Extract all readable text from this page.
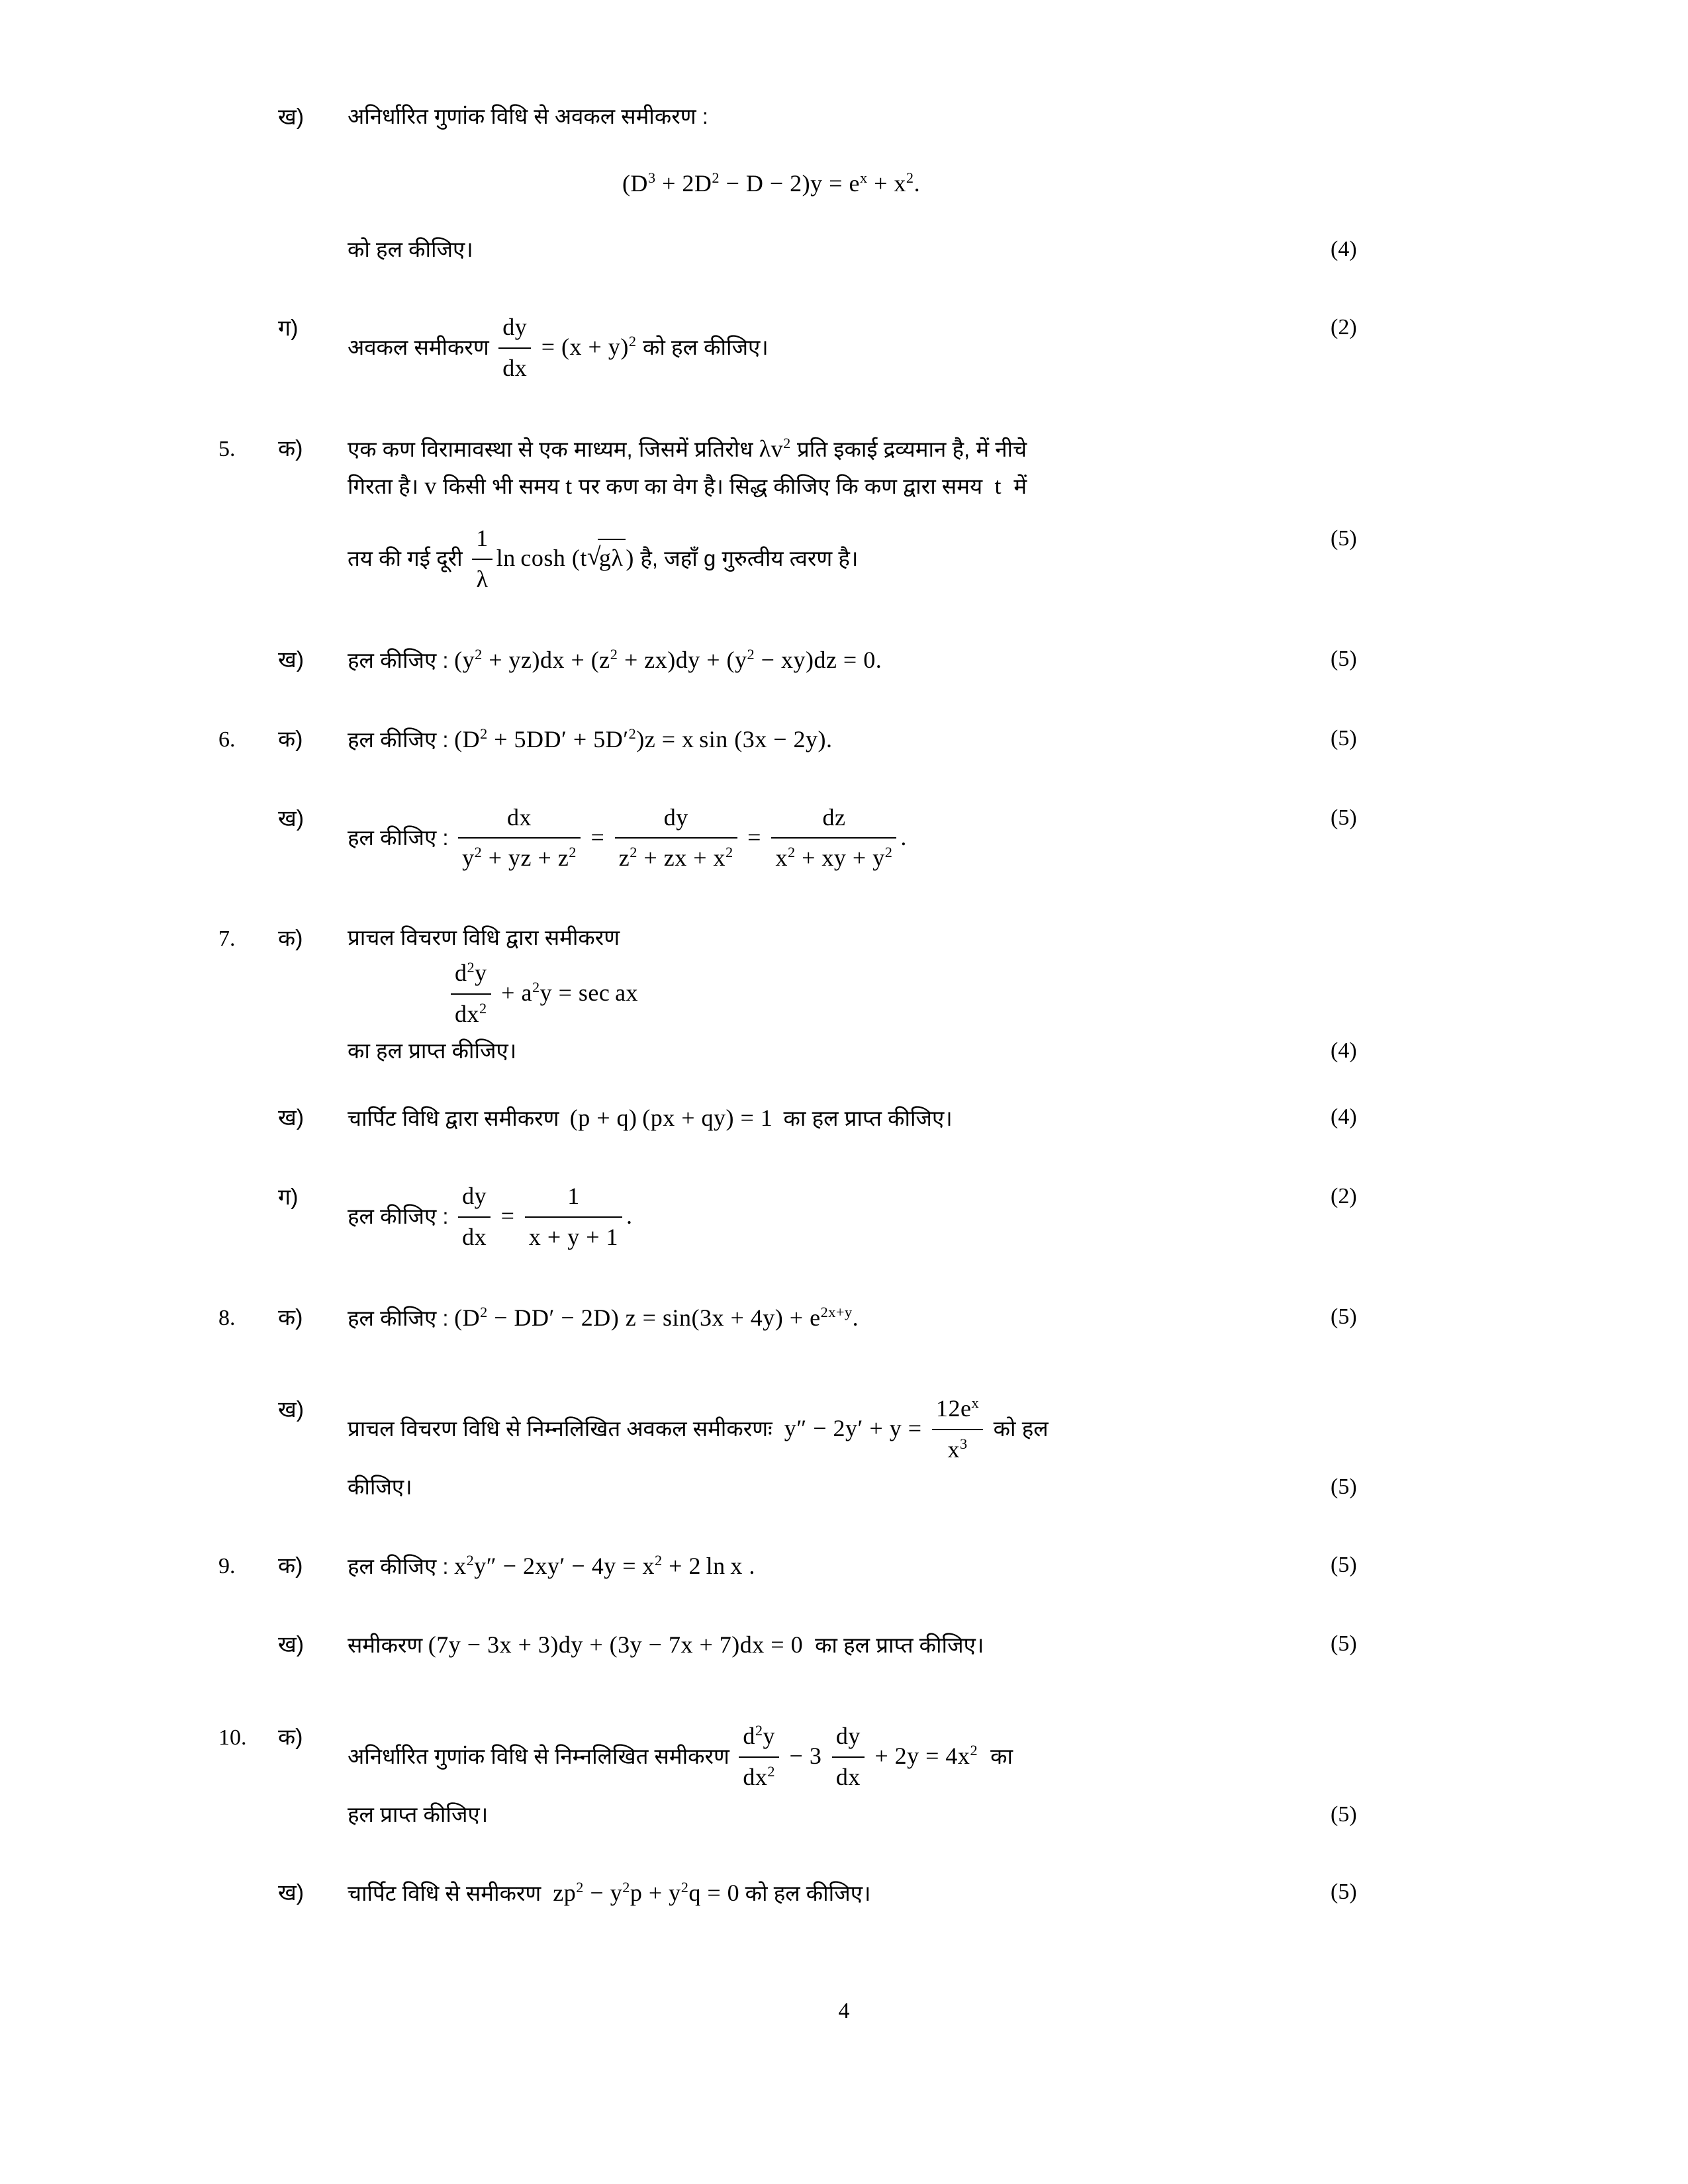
ख)	अनिर्धारित गुणांक विधि से अवकल समीकरण :
$(D^3 + 2D^2 - D - 2)y = e^x + x^2$.
को हल कीजिए।	(4)
ग)
अवकल समीकरण $\frac{dy}{dx} = (x + y)^2$ को हल कीजिए।
(2)
5.	क)	एक कण विरामावस्था से एक माध्यम, जिसमें प्रतिरोध $\lambda v^2$ प्रति इकाई द्रव्यमान है, में नीचे
गिरता है। v किसी भी समय t पर कण का वेग है। सिद्ध कीजिए कि कण द्वारा समय  t  में
तय की गई दूरी $\frac{1}{\lambda}$ ln cosh (t √ gλ ) है, जहाँ g गुरुत्वीय त्वरण है।
(5)
ख)	हल कीजिए : $(y^2 + yz)dx + (z^2 + zx)dy + (y^2 - xy)dz = 0$.	(5)
6.	क)	हल कीजिए : $(D^2 + 5DD' + 5D'^2)z = x$ sin (3x − 2y).	(5)
ख)
हल कीजिए : $\frac{dx}{y^2 + yz + z^2} = \frac{dy}{z^2 + zx + x^2} = \frac{dz}{x^2 + xy + y^2}$ .
(5)
7.	क)	प्राचल विचरण विधि द्वारा समीकरण
$\frac{d^2y}{dx^2} + a^2y = \sec$ ax
का हल प्राप्त कीजिए।	(4)
ख)	चार्पिट विधि द्वारा समीकरण  (p + q) (px + qy) = 1  का हल प्राप्त कीजिए।	(4)
ग)
हल कीजिए : $\frac{dy}{dx} = \frac{1}{x + y + 1}$ .
(2)
8.	क)	हल कीजिए : $(D^2 - DD' - 2D) z = \sin(3x + 4y) + e^{2x+y}$.	(5)
ख)
प्राचल विचरण विधि से निम्नलिखित अवकल समीकरणः  $y'' - 2y' + y = \frac{12e^x}{x^3}$ को हल
कीजिए।	(5)
9.	क)	हल कीजिए : $x^2y'' - 2xy' - 4y = x^2 + 2$ ln x .	(5)
ख)	समीकरण (7y − 3x + 3)dy + (3y − 7x + 7)dx = 0  का हल प्राप्त कीजिए।	(5)
10.	क)
अनिर्धारित गुणांक विधि से निम्नलिखित समीकरण $\frac{d^2y}{dx^2} - 3 \frac{dy}{dx} + 2y = 4x^2$ का
हल प्राप्त कीजिए।	(5)
ख)	चार्पिट विधि से समीकरण  $zp^2 - y^2p + y^2q = 0$ को हल कीजिए।	(5)
4
